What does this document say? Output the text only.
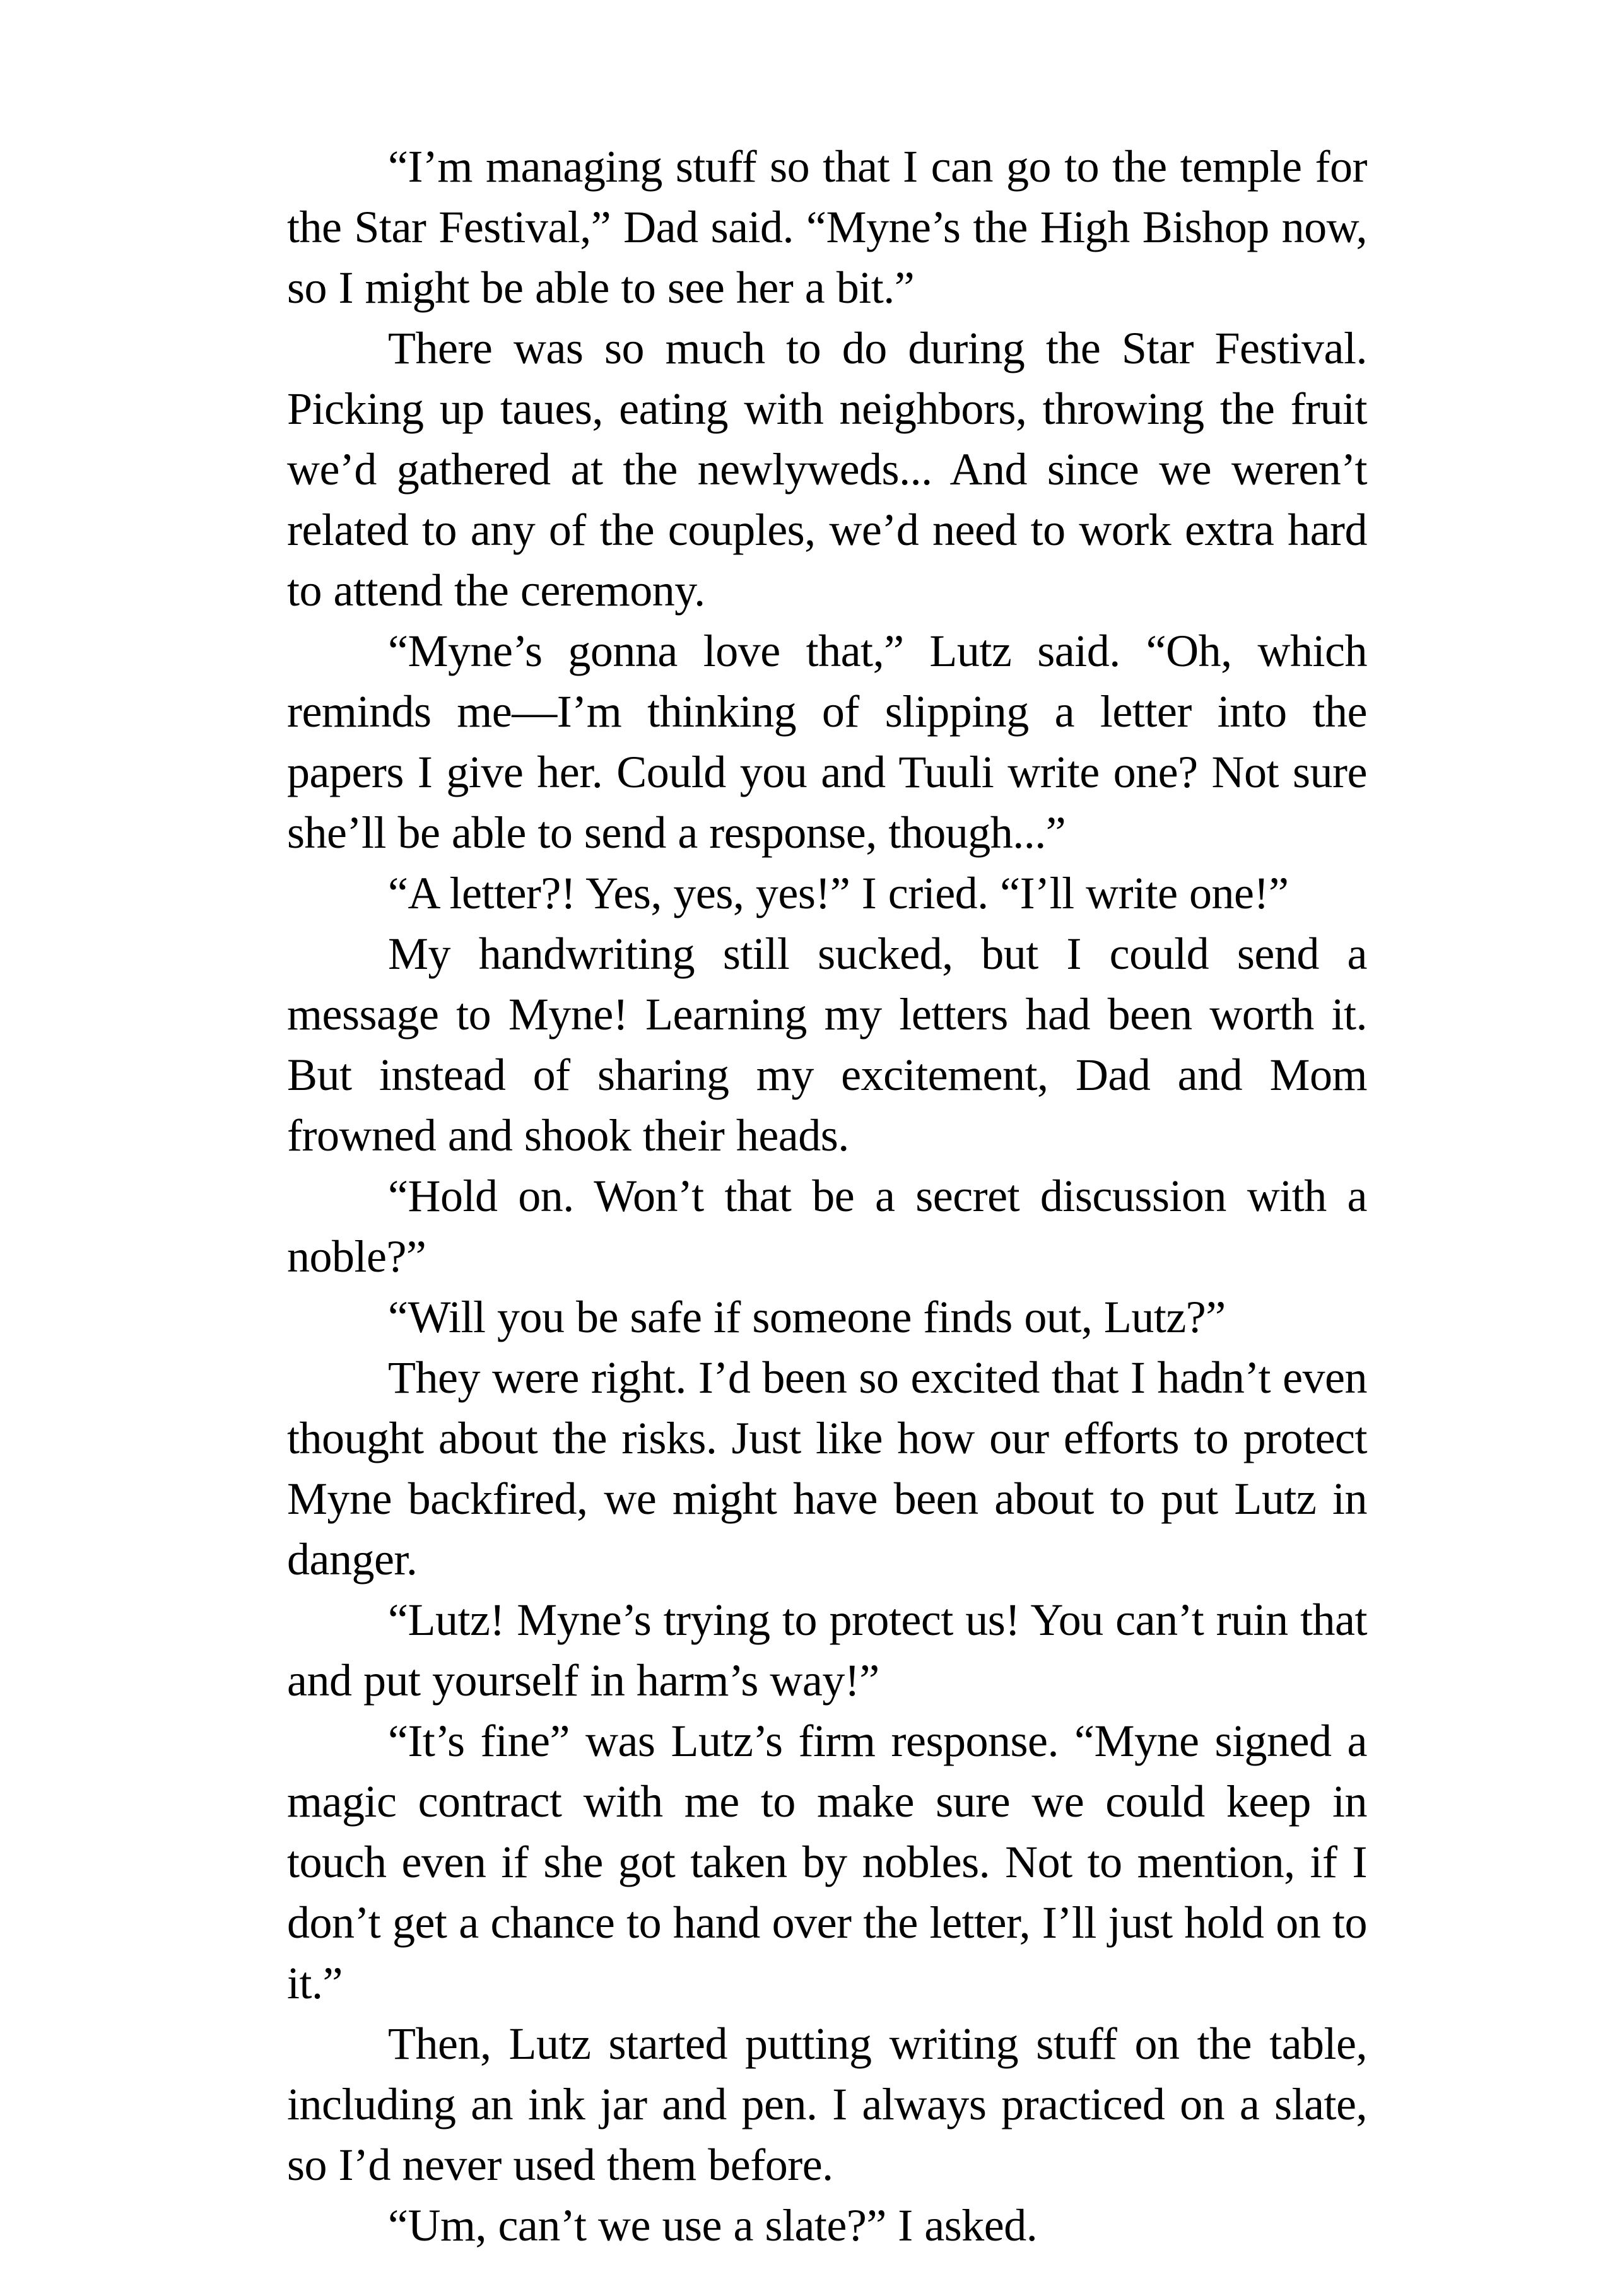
“I’m managing stuff so that I can go to the temple for the Star Festival,” Dad said. “Myne’s the High Bishop now, so I might be able to see her a bit.”

There was so much to do during the Star Festival. Picking up taues, eating with neighbors, throwing the fruit we’d gathered at the newlyweds... And since we weren’t related to any of the couples, we’d need to work extra hard to attend the ceremony.

“Myne’s gonna love that,” Lutz said. “Oh, which reminds me—I’m thinking of slipping a letter into the papers I give her. Could you and Tuuli write one? Not sure she’ll be able to send a response, though...”

“A letter?! Yes, yes, yes!” I cried. “I’ll write one!”

My handwriting still sucked, but I could send a message to Myne! Learning my letters had been worth it. But instead of sharing my excitement, Dad and Mom frowned and shook their heads.

“Hold on. Won’t that be a secret discussion with a noble?”

“Will you be safe if someone finds out, Lutz?”

They were right. I’d been so excited that I hadn’t even thought about the risks. Just like how our efforts to protect Myne backfired, we might have been about to put Lutz in danger.

“Lutz! Myne’s trying to protect us! You can’t ruin that and put yourself in harm’s way!”

“It’s fine” was Lutz’s firm response. “Myne signed a magic contract with me to make sure we could keep in touch even if she got taken by nobles. Not to mention, if I don’t get a chance to hand over the letter, I’ll just hold on to it.”

Then, Lutz started putting writing stuff on the table, including an ink jar and pen. I always practiced on a slate, so I’d never used them before.

“Um, can’t we use a slate?” I asked.
